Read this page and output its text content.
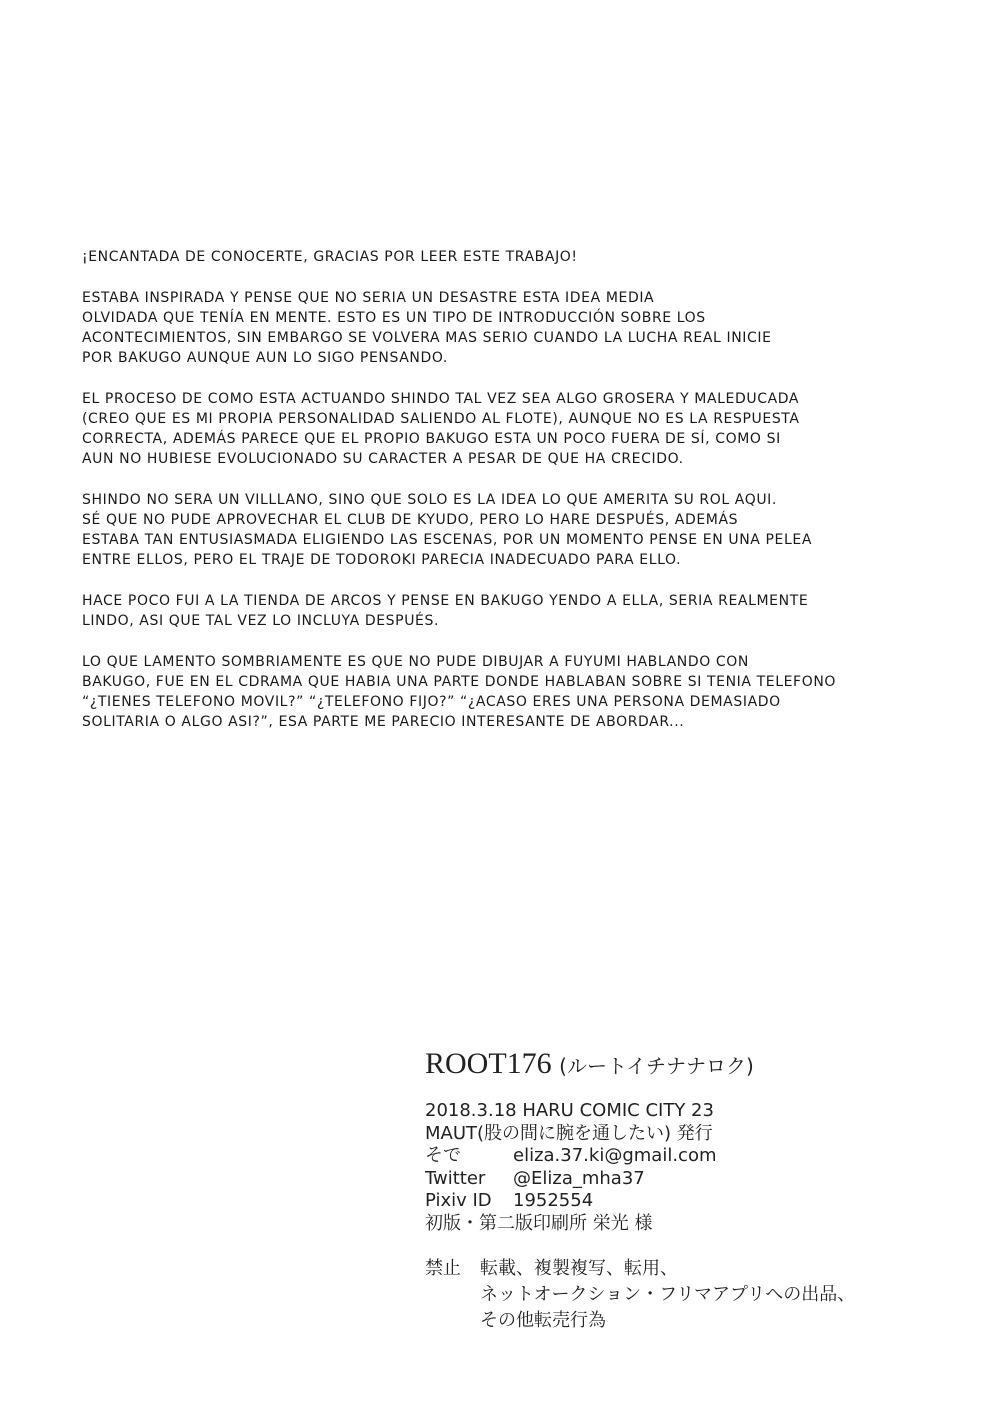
¡ENCANTADA DE CONOCERTE, GRACIAS POR LEER ESTE TRABAJO!
ESTABA INSPIRADA Y PENSE QUE NO SERIA UN DESASTRE ESTA IDEA MEDIA
OLVIDADA QUE TENÍA EN MENTE. ESTO ES UN TIPO DE INTRODUCCIÓN SOBRE LOS
ACONTECIMIENTOS, SIN EMBARGO SE VOLVERA MAS SERIO CUANDO LA LUCHA REAL INICIE
POR BAKUGO AUNQUE AUN LO SIGO PENSANDO.
EL PROCESO DE COMO ESTA ACTUANDO SHINDO TAL VEZ SEA ALGO GROSERA Y MALEDUCADA
(CREO QUE ES MI PROPIA PERSONALIDAD SALIENDO AL FLOTE), AUNQUE NO ES LA RESPUESTA
CORRECTA, ADEMÁS PARECE QUE EL PROPIO BAKUGO ESTA UN POCO FUERA DE SÍ, COMO SI
AUN NO HUBIESE EVOLUCIONADO SU CARACTER A PESAR DE QUE HA CRECIDO.
SHINDO NO SERA UN VILLLANO, SINO QUE SOLO ES LA IDEA LO QUE AMERITA SU ROL AQUI.
SÉ QUE NO PUDE APROVECHAR EL CLUB DE KYUDO, PERO LO HARE DESPUÉS, ADEMÁS
ESTABA TAN ENTUSIASMADA ELIGIENDO LAS ESCENAS, POR UN MOMENTO PENSE EN UNA PELEA
ENTRE ELLOS, PERO EL TRAJE DE TODOROKI PARECIA INADECUADO PARA ELLO.
HACE POCO FUI A LA TIENDA DE ARCOS Y PENSE EN BAKUGO YENDO A ELLA, SERIA REALMENTE
LINDO, ASI QUE TAL VEZ LO INCLUYA DESPUÉS.
LO QUE LAMENTO SOMBRIAMENTE ES QUE NO PUDE DIBUJAR A FUYUMI HABLANDO CON
BAKUGO, FUE EN EL CDRAMA QUE HABIA UNA PARTE DONDE HABLABAN SOBRE SI TENIA TELEFONO
“¿TIENES TELEFONO MOVIL?” “¿TELEFONO FIJO?” “¿ACASO ERES UNA PERSONA DEMASIADO
SOLITARIA O ALGO ASI?”, ESA PARTE ME PARECIO INTERESANTE DE ABORDAR...
ROOT176 (ルートイチナナロク)
2018.3.18 HARU COMIC CITY 23
MAUT(股の間に腕を通したい) 発行
そで	eliza.37.ki@gmail.com
Twitter @Eliza_mha37
Pixiv ID 1952554
初版・第二版印刷所 栄光 様
禁止	転載、複製複写、転用、
ネットオークション・フリマアプリへの出品、
その他転売行為
